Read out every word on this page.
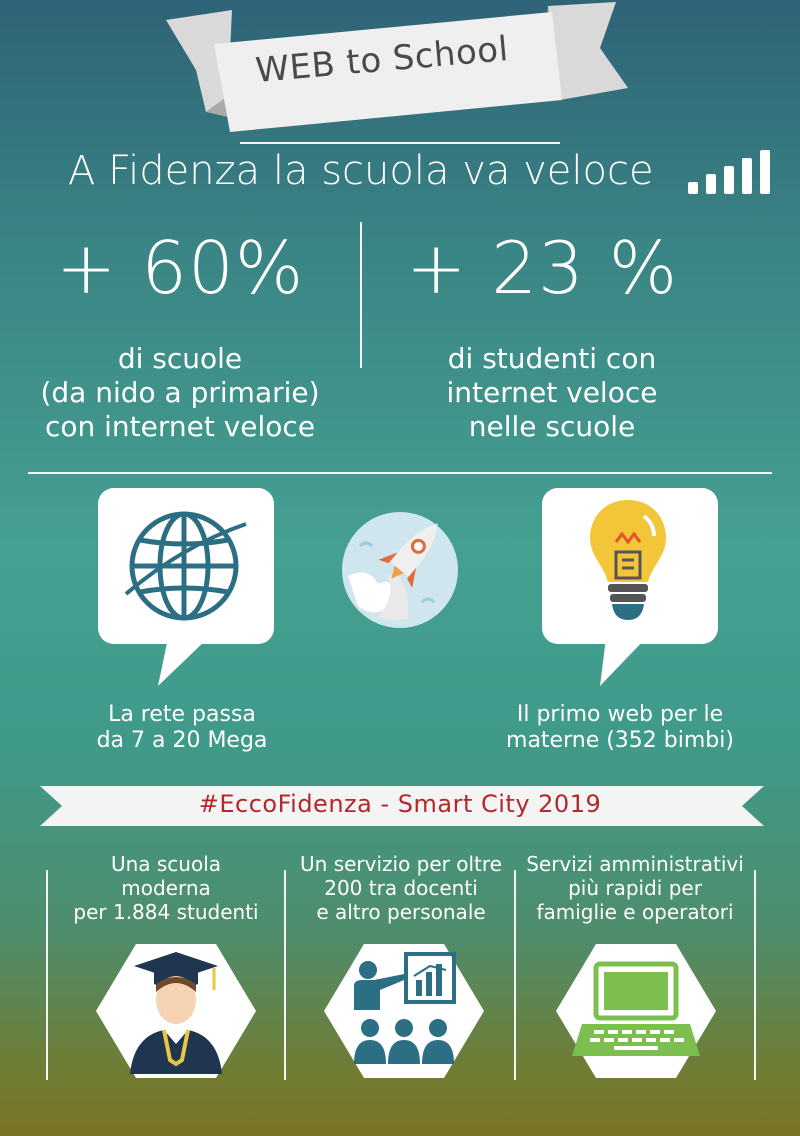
WEB to School
A Fidenza la scuola va veloce
+ 60% + 23 %
di scuole
(da nido a primarie)
con internet veloce
di studenti con
internet veloce
nelle scuole
La rete passa
da 7 a 20 Mega
Il primo web per le
materne (352 bimbi)
#EccoFidenza - Smart City 2019
Una scuola
moderna
per 1.884 studenti
Un servizio per oltre
200 tra docenti
e altro personale
Servizi amministrativi
più rapidi per
famiglie e operatori
